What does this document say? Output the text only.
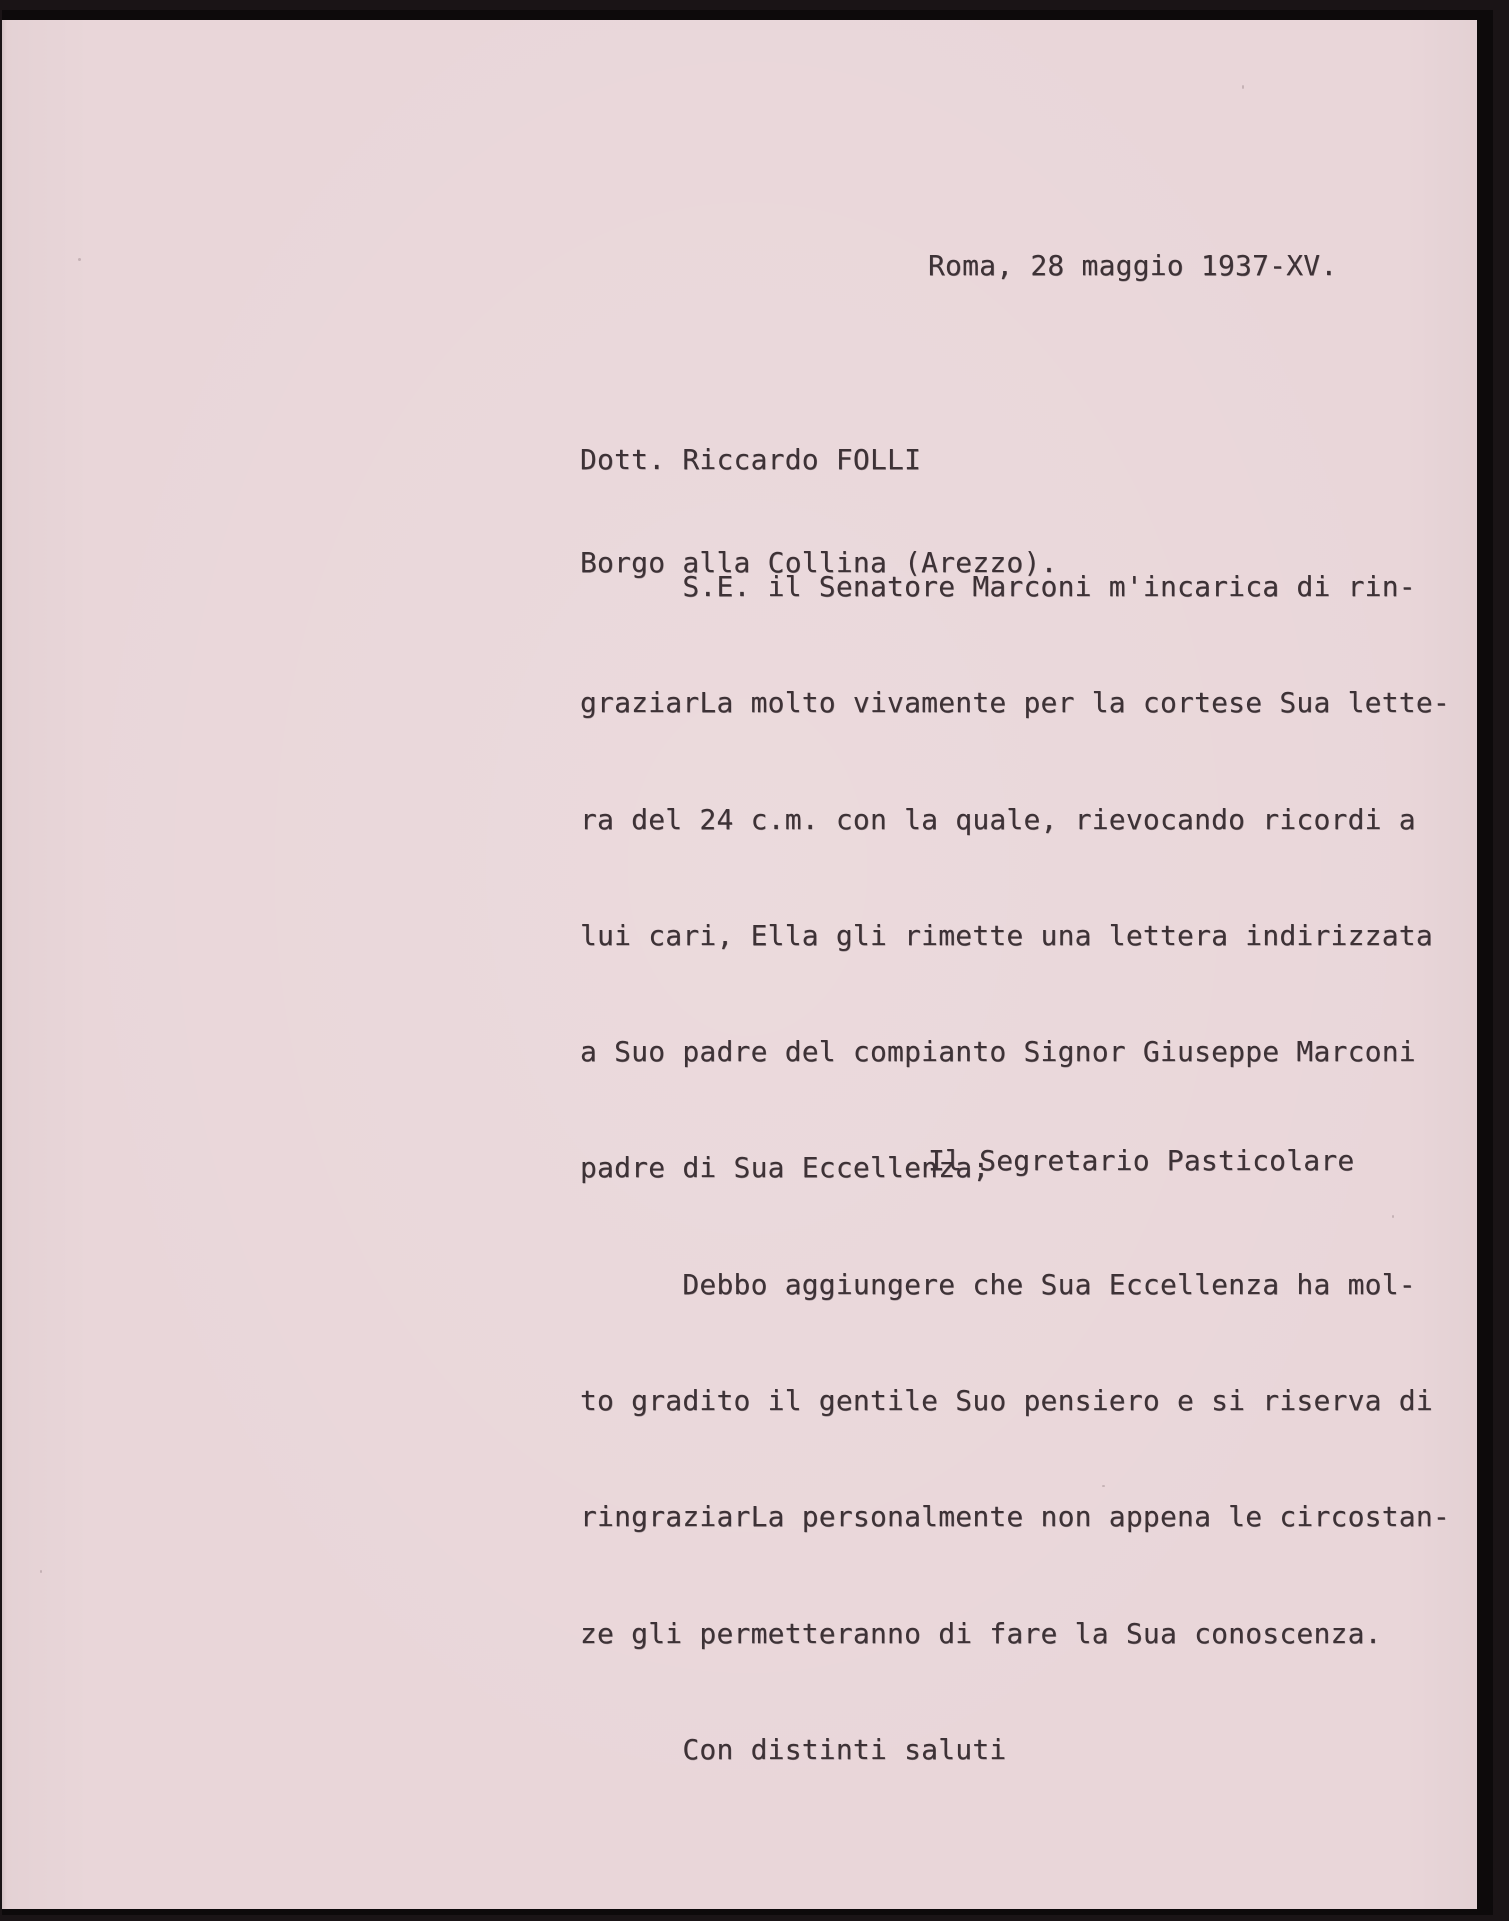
Roma, 28 maggio 1937-XV.

Dott. Riccardo FOLLI

Borgo alla Collina (Arezzo).

S.E. il Senatore Marconi m'incarica di rin-

graziarLa molto vivamente per la cortese Sua lette-

ra del 24 c.m. con la quale, rievocando ricordi a

lui cari, Ella gli rimette una lettera indirizzata

a Suo padre del compianto Signor Giuseppe Marconi

padre di Sua Eccellenza;

Debbo aggiungere che Sua Eccellenza ha mol-

to gradito il gentile Suo pensiero e si riserva di

ringraziarLa personalmente non appena le circostan-

ze gli permetteranno di fare la Sua conoscenza.

Con distinti saluti

Il Segretario Pasticolare
